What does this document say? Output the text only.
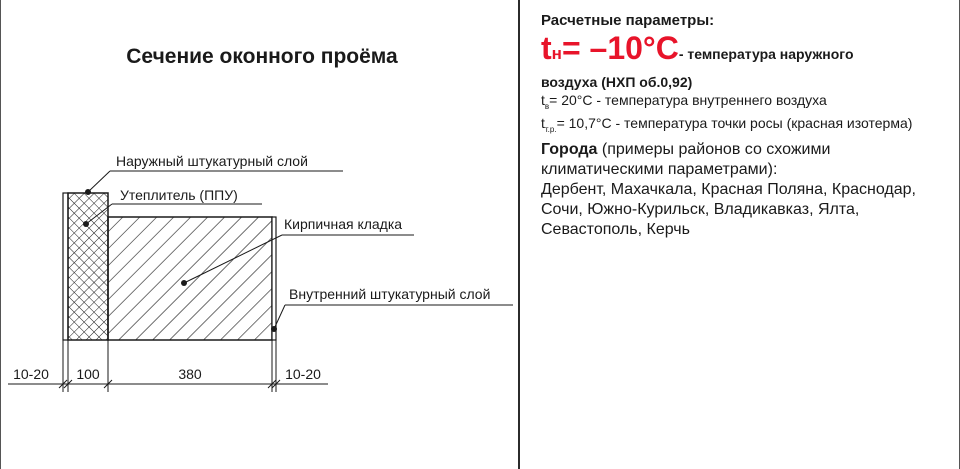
Сечение оконного проёма
Наружный штукатурный слой
Утеплитель (ППУ)
Кирпичная кладка
Внутренний штукатурный слой
10-20 100	380	10-20

Расчетные параметры:

tн= –10°C- температура наружного

воздуха (НХП об.0,92)

$t_в= 20^\circ C$ - температура внутреннего воздуха

$t_{т.р.}= 10,7^\circ C$ - температура точки росы (красная изотерма)

Города (примеры районов со схожими климатическими параметрами):

Дербент, Махачкала, Красная Поляна, Краснодар, Сочи, Южно-Курильск, Владикавказ, Ялта, Севастополь, Керчь
